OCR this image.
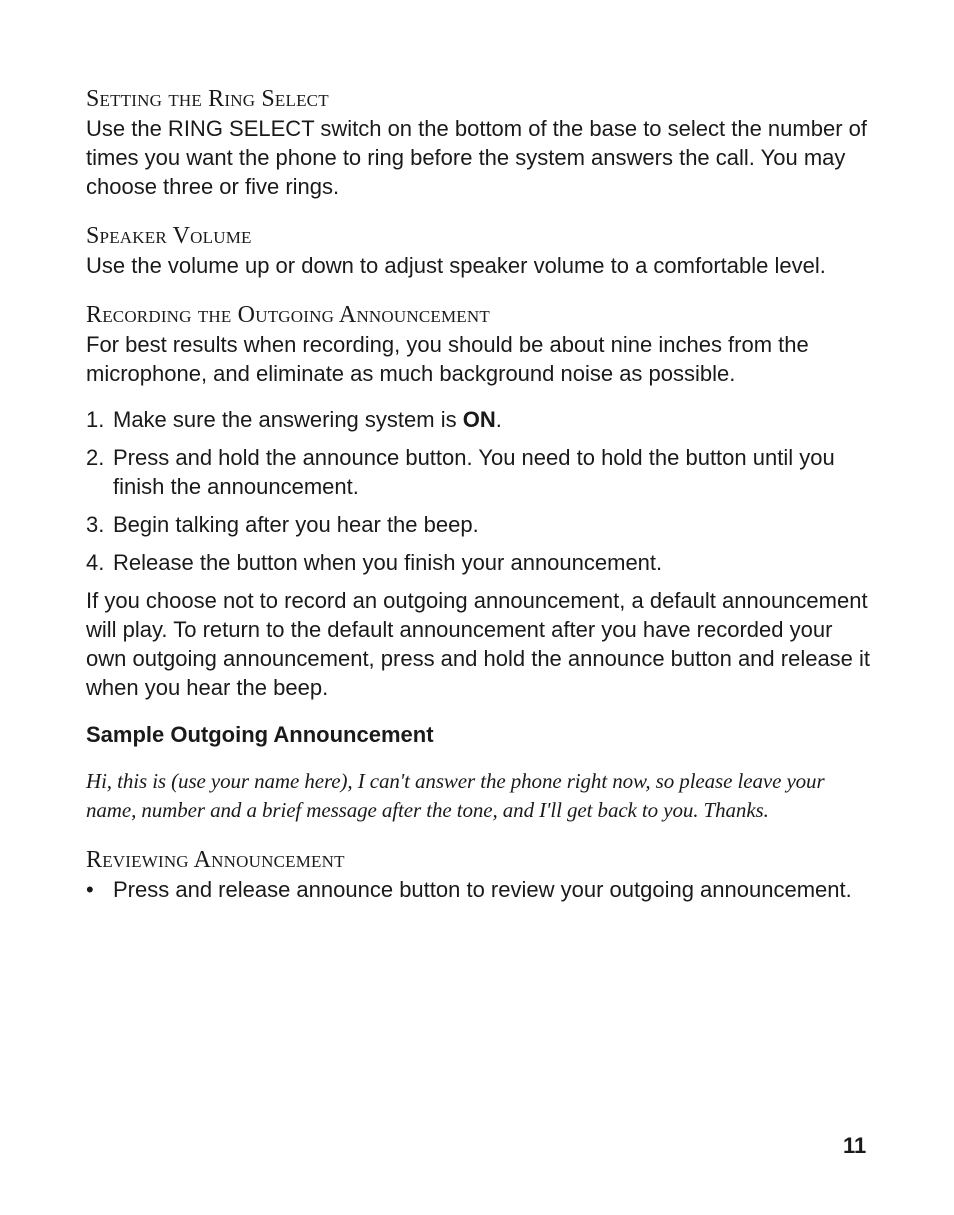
Setting the Ring Select

Use the RING SELECT switch on the bottom of the base to select the number of times you want the phone to ring before the system answers the call. You may choose three or five rings.

Speaker Volume

Use the volume up or down to adjust speaker volume to a comfortable level.

Recording the Outgoing Announcement

For best results when recording, you should be about nine inches from the microphone, and eliminate as much background noise as possible.

1. Make sure the answering system is ON.
2. Press and hold the announce button. You need to hold the button until you finish the announcement.
3. Begin talking after you hear the beep.
4. Release the button when you finish your announcement.

If you choose not to record an outgoing announcement, a default announcement will play. To return to the default announcement after you have recorded your own outgoing announcement, press and hold the announce button and release it when you hear the beep.

Sample Outgoing Announcement

Hi, this is (use your name here), I can't answer the phone right now, so please leave your name, number and a brief message after the tone, and I'll get back to you. Thanks.

Reviewing Announcement
• Press and release announce button to review your outgoing announcement.
11
